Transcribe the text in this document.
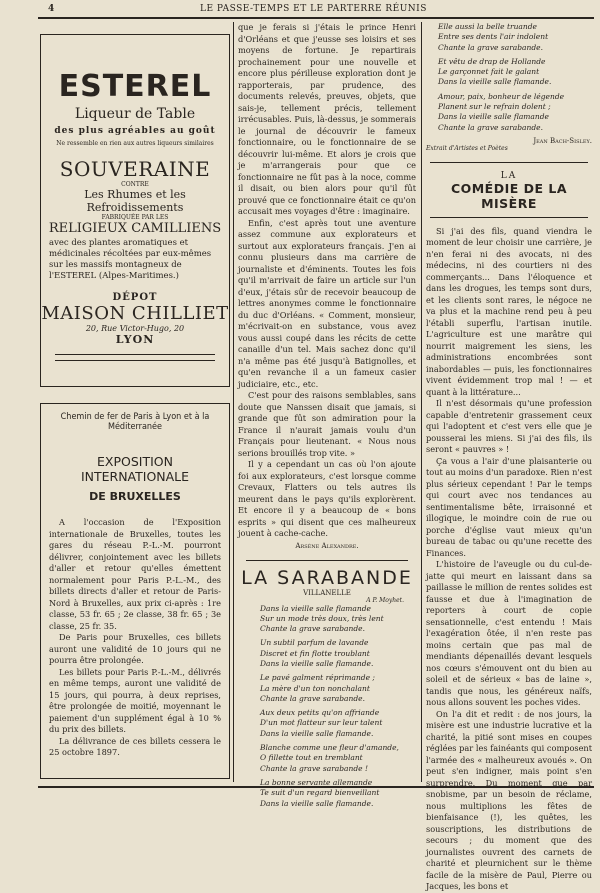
4	LE PASSE-TEMPS ET LE PARTERRE RÉUNIS
ESTEREL
Liqueur de Table
des plus agréables au goût
Ne ressemble en rien aux autres liqueurs similaires
SOUVERAINE
CONTRE
Les Rhumes et les Refroidissements
FABRIQUÉE PAR LES
RELIGIEUX CAMILLIENS
avec des plantes aromatiques et médicinales récoltées par eux-mêmes sur les massifs montagneux de l'ESTEREL (Alpes-Maritimes.)
DÉPOT
MAISON CHILLIET
20, Rue Victor-Hugo, 20
LYON
Chemin de fer de Paris à Lyon et à la Méditerranée
EXPOSITION INTERNATIONALE
DE BRUXELLES

A l'occasion de l'Exposition internationale de Bruxelles, toutes les gares du réseau P.-L.-M. pourront délivrer, conjointement avec les billets d'aller et retour qu'elles émettent normalement pour Paris P.-L.-M., des billets directs d'aller et retour de Paris-Nord à Bruxelles, aux prix ci-après : 1re classe, 53 fr. 65 ; 2e classe, 38 fr. 65 ; 3e classe, 25 fr. 35.

De Paris pour Bruxelles, ces billets auront une validité de 10 jours qui ne pourra être prolongée.

Les billets pour Paris P.-L.-M., délivrés en même temps, auront une validité de 15 jours, qui pourra, à deux reprises, être prolongée de moitié, moyennant le paiement d'un supplément égal à 10 % du prix des billets.

La délivrance de ces billets cessera le 25 octobre 1897.

que je ferais si j'étais le prince Henri d'Orléans et que j'eusse ses loisirs et ses moyens de fortune. Je repartirais prochainement pour une nouvelle et encore plus périlleuse exploration dont je rapporterais, par prudence, des documents relevés, preuves, objets, que sais-je, tellement précis, tellement irrécusables. Puis, là-dessus, je sommerais le journal de découvrir le fameux fonctionnaire, ou le fonctionnaire de se découvrir lui-même. Et alors je crois que je m'arrangerais pour que ce fonctionnaire ne fût pas à la noce, comme il disait, ou bien alors pour qu'il fût prouvé que ce fonctionnaire était ce qu'on accusait mes voyages d'être : imaginaire.

Enfin, c'est après tout une aventure assez commune aux explorateurs et surtout aux explorateurs français. J'en ai connu plusieurs dans ma carrière de journaliste et d'éminents. Toutes les fois qu'il m'arrivait de faire un article sur l'un d'eux, j'étais sûr de recevoir beaucoup de lettres anonymes comme le fonctionnaire du duc d'Orléans. « Comment, monsieur, m'écrivait-on en substance, vous avez vous aussi coupé dans les récits de cette canaille d'un tel. Mais sachez donc qu'il n'a même pas été jusqu'à Batignolles, et qu'en revanche il a un fameux casier judiciaire, etc., etc.

C'est pour des raisons semblables, sans doute que Nanssen disait que jamais, si grande que fût son admiration pour la France il n'aurait jamais voulu d'un Français pour lieutenant. « Nous nous serions brouillés trop vite. »

Il y a cependant un cas où l'on ajoute foi aux explorateurs, c'est lorsque comme Crevaux, Flatters ou tels autres ils meurent dans le pays qu'ils explorèrent. Et encore il y a beaucoup de « bons esprits » qui disent que ces malheureux jouent à cache-cache.

Arsène Alexandre.
LA SARABANDE
VILLANELLE
A P. Moyhet.
Dans la vieille salle flamande
Sur un mode très doux, très lent
Chante la grave sarabande.
Un subtil parfum de lavande
Discret et fin flotte troublant
Dans la vieille salle flamande.
Le pavé galment réprimande ;
La mère d'un ton nonchalant
Chante la grave sarabande.
Aux deux petits qu'on affriande
D'un mot flatteur sur leur talent
Dans la vieille salle flamande.
Blanche comme une fleur d'amande,
O fillette tout en tremblant
Chante la grave sarabande !
La bonne servante allemande
Te suit d'un regard bienveillant
Dans la vieille salle flamande.
Elle aussi la belle truande
Entre ses dents l'air indolent
Chante la grave sarabande.
Et vêtu de drap de Hollande
Le garçonnet fait le galant
Dans la vieille salle flamande.
Amour, paix, bonheur de légende
Planent sur le refrain dolent ;
Dans la vieille salle flamande
Chante la grave sarabande.
Jean Bach-Sisley.
Extrait d'Artistes et Poètes
LA
COMÉDIE DE LA MISÈRE

Si j'ai des fils, quand viendra le moment de leur choisir une carrière, je n'en ferai ni des avocats, ni des médecins, ni des courtiers ni des commerçants... Dans l'éloquence et dans les drogues, les temps sont durs, et les clients sont rares, le négoce ne va plus et la machine rend peu à peu l'établi superflu, l'artisan inutile. L'agriculture est une marâtre qui nourrit maigrement les siens, les administrations encombrées sont inabordables — puis, les fonctionnaires vivent évidemment trop mal ! — et quant à la littérature...

Il n'est désormais qu'une profession capable d'entretenir grassement ceux qui l'adoptent et c'est vers elle que je pousserai les miens. Si j'ai des fils, ils seront « pauvres » !

Ça vous a l'air d'une plaisanterie ou tout au moins d'un paradoxe. Rien n'est plus sérieux cependant ! Par le temps qui court avec nos tendances au sentimentalisme bête, irraisonné et illogique, le moindre coin de rue ou porche d'église vaut mieux qu'un bureau de tabac ou qu'une recette des Finances.

L'histoire de l'aveugle ou du cul-de-jatte qui meurt en laissant dans sa paillasse le million de rentes solides est fausse et due à l'imagination de reporters à court de copie sensationnelle, c'est entendu ! Mais l'exagération ôtée, il n'en reste pas moins certain que pas mal de mendiants dépenaillés devant lesquels nos cœurs s'émouvent ont du bien au soleil et de sérieux « bas de laine », tandis que nous, les généreux naïfs, nous allons souvent les poches vides.

On l'a dit et redit : de nos jours, la misère est une industrie lucrative et la charité, la pitié sont mises en coupes réglées par les fainéants qui composent l'armée des « malheureux avoués ». On peut s'en indigner, mais point s'en surprendre. Du moment que par snobisme, par un besoin de réclame, nous multiplions les fêtes de bienfaisance (!), les quêtes, les souscriptions, les distributions de secours ; du moment que des journalistes ouvrent des carnets de charité et pleurnichent sur le thème facile de la misère de Paul, Pierre ou Jacques, les bons et
